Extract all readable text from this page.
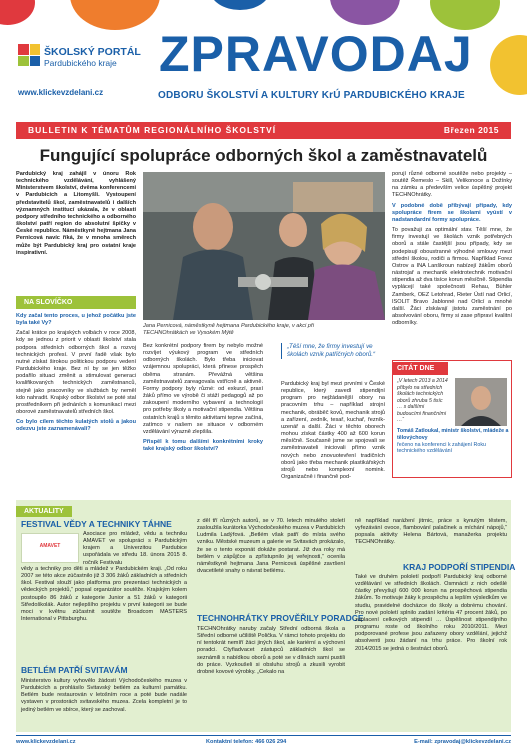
ŠKOLSKÝ PORTÁL
Pardubického kraje
www.klickevzdelani.cz
ZPRAVODAJ
ODBORU ŠKOLSTVÍ A KULTURY KrÚ PARDUBICKÉHO KRAJE
BULLETIN K TÉMATŮM REGIONÁLNÍHO ŠKOLSTVÍ	Březen 2015
Fungující spolupráce odborných škol a zaměstnavatelů
Pardubický kraj zahájil v únoru Rok technického vzdělávání, vyhlášený Ministerstvem školství, dvěma konferencemi v Pardubicích a Litomyšli. Vystoupení představitelů škol, zaměstnavatelů i dalších významných institucí ukázala, že v oblasti podpory středního technického a odborného školství patří region do absolutní špičky v České republice. Náměstkyně hejtmana Jana Pernicová navíc říká, že v mnoha směrech může být Pardubický kraj pro ostatní kraje inspirativní.
NA SLOVÍČKO

Kdy začal tento proces, u jehož počátku jste byla také Vy?

Začal krátce po krajských volbách v roce 2008, kdy se jednou z priorit v oblasti školství stala podpora středních odborných škol a rozvoj technických profesí. V první řadě však bylo nutné získat širokou politickou podporu vedení Pardubického kraje. Bez ní by se jen těžko podařilo situaci změnit a stimulovat generaci kvalifikovaných technických zaměstnanců, stejně jako pracovníky ve službách by neměl kdo nahradit. Krajský odbor školství se poté stal prostředníkem při jednáních s komunikací mezi oborové zaměstnavatelů středních škol.

Co bylo cílem těchto kulatých stolů a jakou odezvu jste zaznamenávali?

Jana Pernicová, náměstkyně hejtmana Pardubického kraje, v akci při TECHNOhrátkách ve Vysokém Mýtě

Bez konkrétní podpory firem by nebylo možné rozvíjet výukový program ve středních odborných školách. Bylo třeba iniciovat vzájemnou spolupráci, která přinese prospěch oběma stranám. Převážná většina zaměstnavatelů zareagovala vstřícně a aktivně. Formy podpory byly různé: od exkurzí, praxí žáků přímo ve výrobě či stáží pedagogů až po zakoupení moderního vybavení a technologií pro potřeby školy a motivační stipendia. Většina ostatních krajů s těmito aktivitami teprve začíná, zatímco v našem se situace v odborném vzdělávání výrazně zlepšila.

Přispěl k tomu dalšími konkrétními kroky také krajský odbor školství?

„Těší mne, že firmy investují ve školách vznik patřičných oborů.“

Pardubický kraj byl mezi prvními v České republice, který zavedl stipendijní program pro nejžádanější obory na pracovním trhu – například strojní mechanik, obráběč kovů, mechanik strojů a zařízení, zedník, tesař, kuchař, řezník-uzenář a další. Žáci v těchto oborech mohou získat částky 400 až 600 korun měsíčně. Současně jsme se spojovali se zaměstnavateli iniciovali přímo vznik nových nebo znovuotevření tradičních oborů jako třeba mechanik plastikářských strojů nebo komplexní nomink. Organizačně i finančně pod-

porují různé odborné soutěže nebo projekty – soutěž Řemeslo – Skill, Velikonoce a Dožínky na zámku a především velice úspěšný projekt TECHNOhrátky.

V podobné době přibývají případy, kdy spolupráce firem se školami vyústí v nadstandardní formy spolupráce.

To považuji za optimální stav. Těší mne, že firmy investují ve školách vznik potřebných oborů a stále častější jsou případy, kdy se podepisují oboustranné výhodné smlouvy mezi střední školou, rodiči a firmou. Například Forez Ostrov a INA Lanškroun nabízejí žákům oborů nástrojař a mechanik elektrotechnik motivační stipendia až dva tisíce korun měsíčně. Stipendia vyplácejí také společnosti Rehau, Bühler Zamberk, OEZ Letohrad, Rieter Ústí nad Orlicí, ISOLIT Bravo Jablonné nad Orlicí a mnohé další. Žáci získávají jistotu zaměstnání po absolvování oboru, firmy si zase připraví kvalitní odborníky.

CITÁT DNE
„V letech 2013 a 2014 přibylo na středních školách technických oborů zhruba 5 tisíc … s dalšími budoucími finančními …“
Tomáš Zatloukal, ministr školství, mládeže a tělovýchovy
řečeno na konferenci k zahájení Roku technického vzdělávání
AKTUALITY
FESTIVAL VĚDY A TECHNIKY TÁHNE
AMAVET
Asociace pro mládež, vědu a techniku AMAVET ve spolupráci s Pardubickým krajem a Univerzitou Pardubice uspořádala ve středu 18. února 2015 8. ročník Festivalu
vědy a techniky pro děti a mládež v Pardubickém kraji. „Od roku 2007 se této akce zúčastnilo již 3 306 žáků základních a středních škol. Festival slouží jako platforma pro prezentaci technických a vědeckých projektů,“ popsal organizátor soutěže. Krajským kolem postoupilo 86 žáků z kategorie Junior a 51 žáků v kategorii Středoškolák. Autor nejlepšího projektu v první kategorii se bude moci v květnu zúčastnit soutěže Broadcom MASTERS International v Pittsburghu.
BETLÉM PATŘÍ SVITAVÁM
Ministerstvo kultury vyhovělo žádosti Východočeského muzea v Pardubicích a prohlásilo Svitavský betlém za kulturní památku. Betlém bude restaurován v letošním roce a poté bude nadále vystaven v prostorách svitavského muzea. Zcela kompletní je to jediný betlém ve sbírce, který se zachoval.
z děl tří různých autorů, se v 70. letech minulého století zasloužila kurátorka Východočeského muzea v Pardubicích Ludmila Ladýřová. „Betlém však patří do místa svého vzniku. Městské muzeum a galerie ve Svitavách prokázalo, že se o tento exponát dokáže postarat. Již dva roky má betlém v zápůjčce a zpřístupnilo jej veřejnosti,“ ocenila náměstkyně hejtmana Jana Pernicová úspěšné završení dvacetileté snahy o návrat betlému.
TECHNOHRÁTKY PROVĚŘILY PORADCE
TECHNOhrátky naruby začaly Střední odborná škola a Střední odborné učiliště Polička. V rámci tohoto projektu do ní tentokrát nemíří žáci jiných škol, ale kariérní a výchovní poradci. Ctyřiadvacet zástupců základních škol se seznámili s nabídkou oborů a poté se v dílnách sami pustili do práce. Vyzkoušeli si obsluhu strojů a zkusili vyrobit drobné kovové výrobky. „Cekalo na
ně například narážení jitrnic, práce s kynutým těstem, vyřezávání ovoce, flambování palačinek a míchání nápojů,“ popsala aktivity Helena Bártová, manažerka projektu TECHNOhrátky.
KRAJ PODPOŘÍ STIPENDIA
Také ve druhém pololetí podpoří Pardubický kraj odborné vzdělávání ve středních školách. Osmnácti z nich odešlé částky převyšují 600 000 korun na prospěchová stipendia žákům. To motivuje žáky k prospěchu a lepším výsledkům ve studiu, pravidelné docházce do školy a dobrému chování. Pro nové pololetí splnilo zadání kritéria 47 procent žáků, po zaplacení celkových stipendií … Úspěšnost stipendijního programu roste od školního roku 2010/2011. Mezi podporované profese jsou zařazeny obory vzdělání, jejichž absolventi jsou žádaní na trhu práce. Pro školní rok 2014/2015 se jedná o šestnáct oborů.
www.klickevzdelani.cz	Kontaktní telefon: 466 026 294	E-mail: zpravodaj@klickevzdelani.cz
